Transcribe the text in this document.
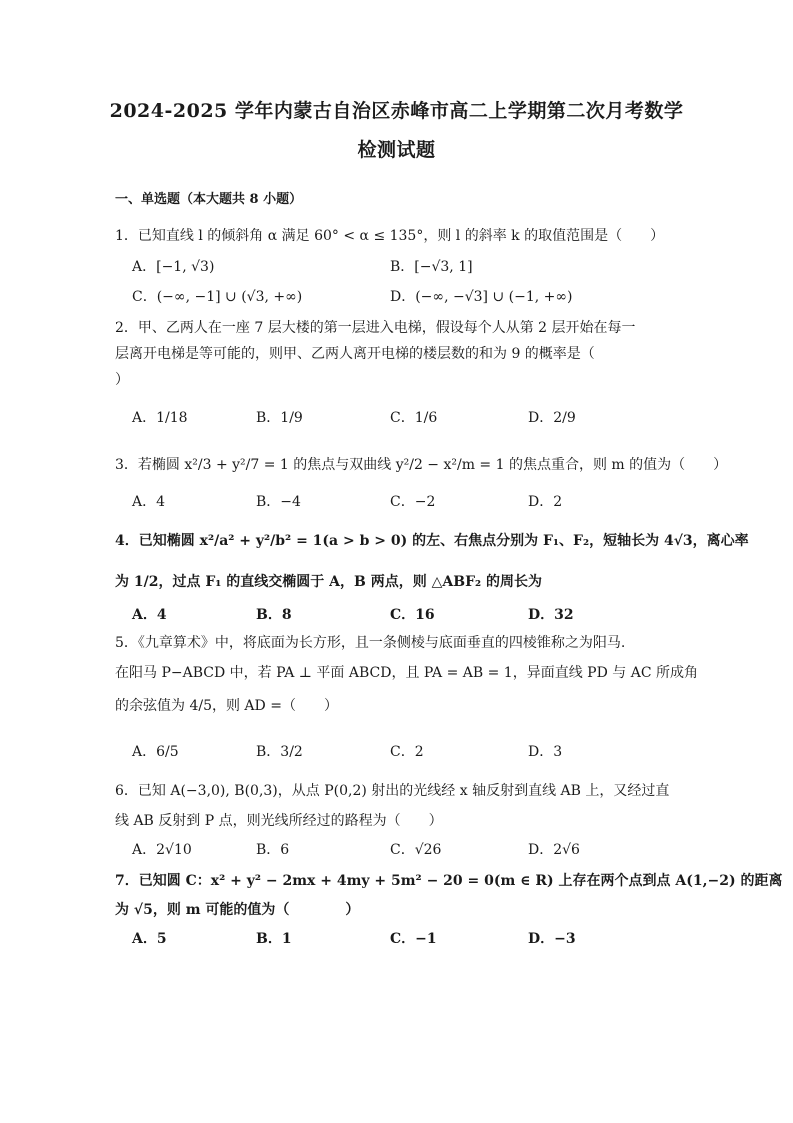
2024-2025 学年内蒙古自治区赤峰市高二上学期第二次月考数学
检测试题
一、单选题（本大题共 8 小题）
1．已知直线 l 的倾斜角 α 满足 60° < α ≤ 135°，则 l 的斜率 k 的取值范围是（　　）
A．[−1, √3)	B．[−√3, 1]
C．(−∞, −1] ∪ (√3, +∞)	D．(−∞, −√3] ∪ (−1, +∞)
2．甲、乙两人在一座 7 层大楼的第一层进入电梯，假设每个人从第 2 层开始在每一
层离开电梯是等可能的，则甲、乙两人离开电梯的楼层数的和为 9 的概率是（
）
A．1/18	B．1/9	C．1/6	D．2/9
3．若椭圆 x²/3 + y²/7 = 1 的焦点与双曲线 y²/2 − x²/m = 1 的焦点重合，则 m 的值为（　　）
A．4	B．−4	C．−2	D．2
4．已知椭圆 x²/a² + y²/b² = 1(a > b > 0) 的左、右焦点分别为 F₁、F₂，短轴长为 4√3，离心率
为 1/2，过点 F₁ 的直线交椭圆于 A，B 两点，则 △ABF₂ 的周长为
A．4	B．8	C．16	D．32
5．《九章算术》中，将底面为长方形，且一条侧棱与底面垂直的四棱锥称之为阳马.
在阳马 P−ABCD 中，若 PA ⊥ 平面 ABCD，且 PA = AB = 1，异面直线 PD 与 AC 所成角
的余弦值为 4/5，则 AD =（　　）
A．6/5	B．3/2	C．2	D．3
6．已知 A(−3,0), B(0,3)，从点 P(0,2) 射出的光线经 x 轴反射到直线 AB 上，又经过直
线 AB 反射到 P 点，则光线所经过的路程为（　　）
A．2√10	B．6	C．√26	D．2√6
7．已知圆 C：x² + y² − 2mx + 4my + 5m² − 20 = 0(m ∈ R) 上存在两个点到点 A(1,−2) 的距离
为 √5，则 m 可能的值为（　　　　）
A．5	B．1	C．−1	D．−3
